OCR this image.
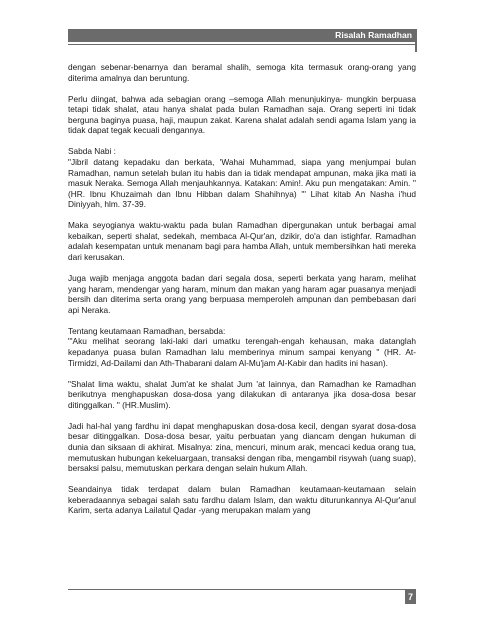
Risalah Ramadhan

dengan sebenar-benarnya dan beramal shalih, semoga kita termasuk orang-orang yang diterima amalnya dan beruntung.

Perlu diingat, bahwa ada sebagian orang –semoga Allah menunjukinya- mungkin berpuasa tetapi tidak shalat, atau hanya shalat pada bulan Ramadhan saja. Orang seperti ini tidak berguna baginya puasa, haji, maupun zakat. Karena shalat adalah sendi agama Islam yang ia tidak dapat tegak kecuali dengannya.

Sabda Nabi :

"Jibril datang kepadaku dan berkata, 'Wahai Muhammad, siapa yang menjumpai bulan Ramadhan, namun setelah bulan itu habis dan ia tidak mendapat ampunan, maka jika mati ia masuk Neraka. Semoga Allah menjauhkannya. Katakan: Amin!. Aku pun mengatakan: Amin. " (HR. Ibnu Khuzaimah dan Ibnu Hibban dalam Shahihnya) "' Lihat kitab An Nasha i'hud Diniyyah, hlm. 37-39.

Maka seyogianya waktu-waktu pada bulan Ramadhan dipergunakan untuk berbagai amal kebaikan, seperti shalat, sedekah, membaca Al-Qur'an, dzikir, do'a dan istighfar. Ramadhan adalah kesempatan untuk menanam bagi para hamba Allah, untuk membersihkan hati mereka dari kerusakan.

Juga wajib menjaga anggota badan dari segala dosa, seperti berkata yang haram, melihat yang haram, mendengar yang haram, minum dan makan yang haram agar puasanya menjadi bersih dan diterima serta orang yang berpuasa memperoleh ampunan dan pembebasan dari api Neraka.

Tentang keutamaan Ramadhan, bersabda:

"'Aku melihat seorang laki-laki dari umatku terengah-engah kehausan, maka datanglah kepadanya puasa bulan Ramadhan lalu memberinya minum sampai kenyang " (HR. At-Tirmidzi, Ad-Dailami dan Ath-Thabarani dalam Al-Mu'jam Al-Kabir dan hadits ini hasan).

"Shalat lima waktu, shalat Jum'at ke shalat Jum 'at lainnya, dan Ramadhan ke Ramadhan berikutnya menghapuskan dosa-dosa yang dilakukan di antaranya jika dosa-dosa besar ditinggalkan. " (HR.Muslim).

Jadi hal-hal yang fardhu ini dapat menghapuskan dosa-dosa kecil, dengan syarat dosa-dosa besar ditinggalkan. Dosa-dosa besar, yaitu perbuatan yang diancam dengan hukuman di dunia dan siksaan di akhirat. Misalnya: zina, mencuri, minum arak, mencaci kedua orang tua, memutuskan hubungan kekeluargaan, transaksi dengan riba, mengambil risywah (uang suap), bersaksi palsu, memutuskan perkara dengan selain hukum Allah.

Seandainya tidak terdapat dalam bulan Ramadhan keutamaan-keutamaan selain keberadaannya sebagai salah satu fardhu dalam Islam, dan waktu diturunkannya Al-Qur'anul Karim, serta adanya Lailatul Qadar -yang merupakan malam yang

7
